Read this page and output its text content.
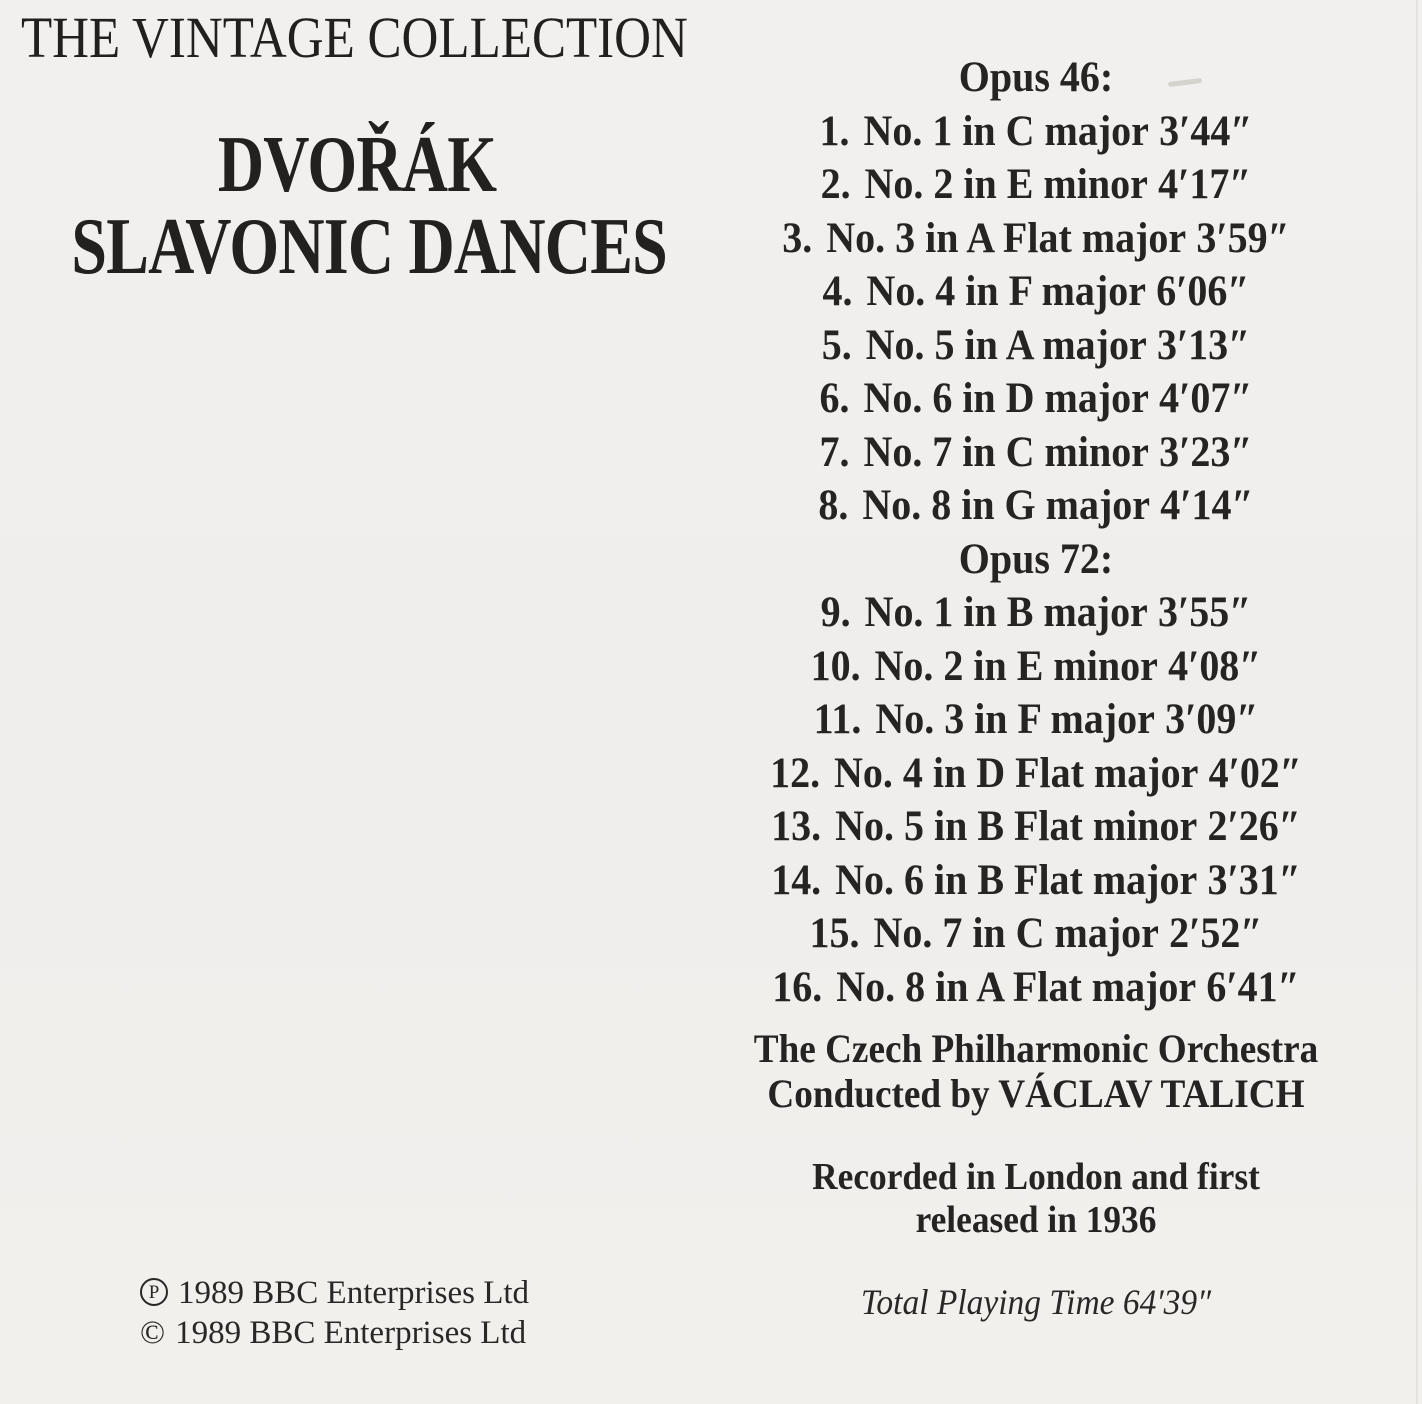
THE VINTAGE COLLECTION
DVOŘÁK
SLAVONIC DANCES
Opus 46:
1. No. 1 in C major 3′44″
2. No. 2 in E minor 4′17″
3. No. 3 in A Flat major 3′59″
4. No. 4 in F major 6′06″
5. No. 5 in A major 3′13″
6. No. 6 in D major 4′07″
7. No. 7 in C minor 3′23″
8. No. 8 in G major 4′14″
Opus 72:
9. No. 1 in B major 3′55″
10. No. 2 in E minor 4′08″
11. No. 3 in F major 3′09″
12. No. 4 in D Flat major 4′02″
13. No. 5 in B Flat minor 2′26″
14. No. 6 in B Flat major 3′31″
15. No. 7 in C major 2′52″
16. No. 8 in A Flat major 6′41″
The Czech Philharmonic Orchestra
Conducted by VÁCLAV TALICH
Recorded in London and first
released in 1936
Total Playing Time 64′39″
P 1989 BBC Enterprises Ltd
© 1989 BBC Enterprises Ltd
